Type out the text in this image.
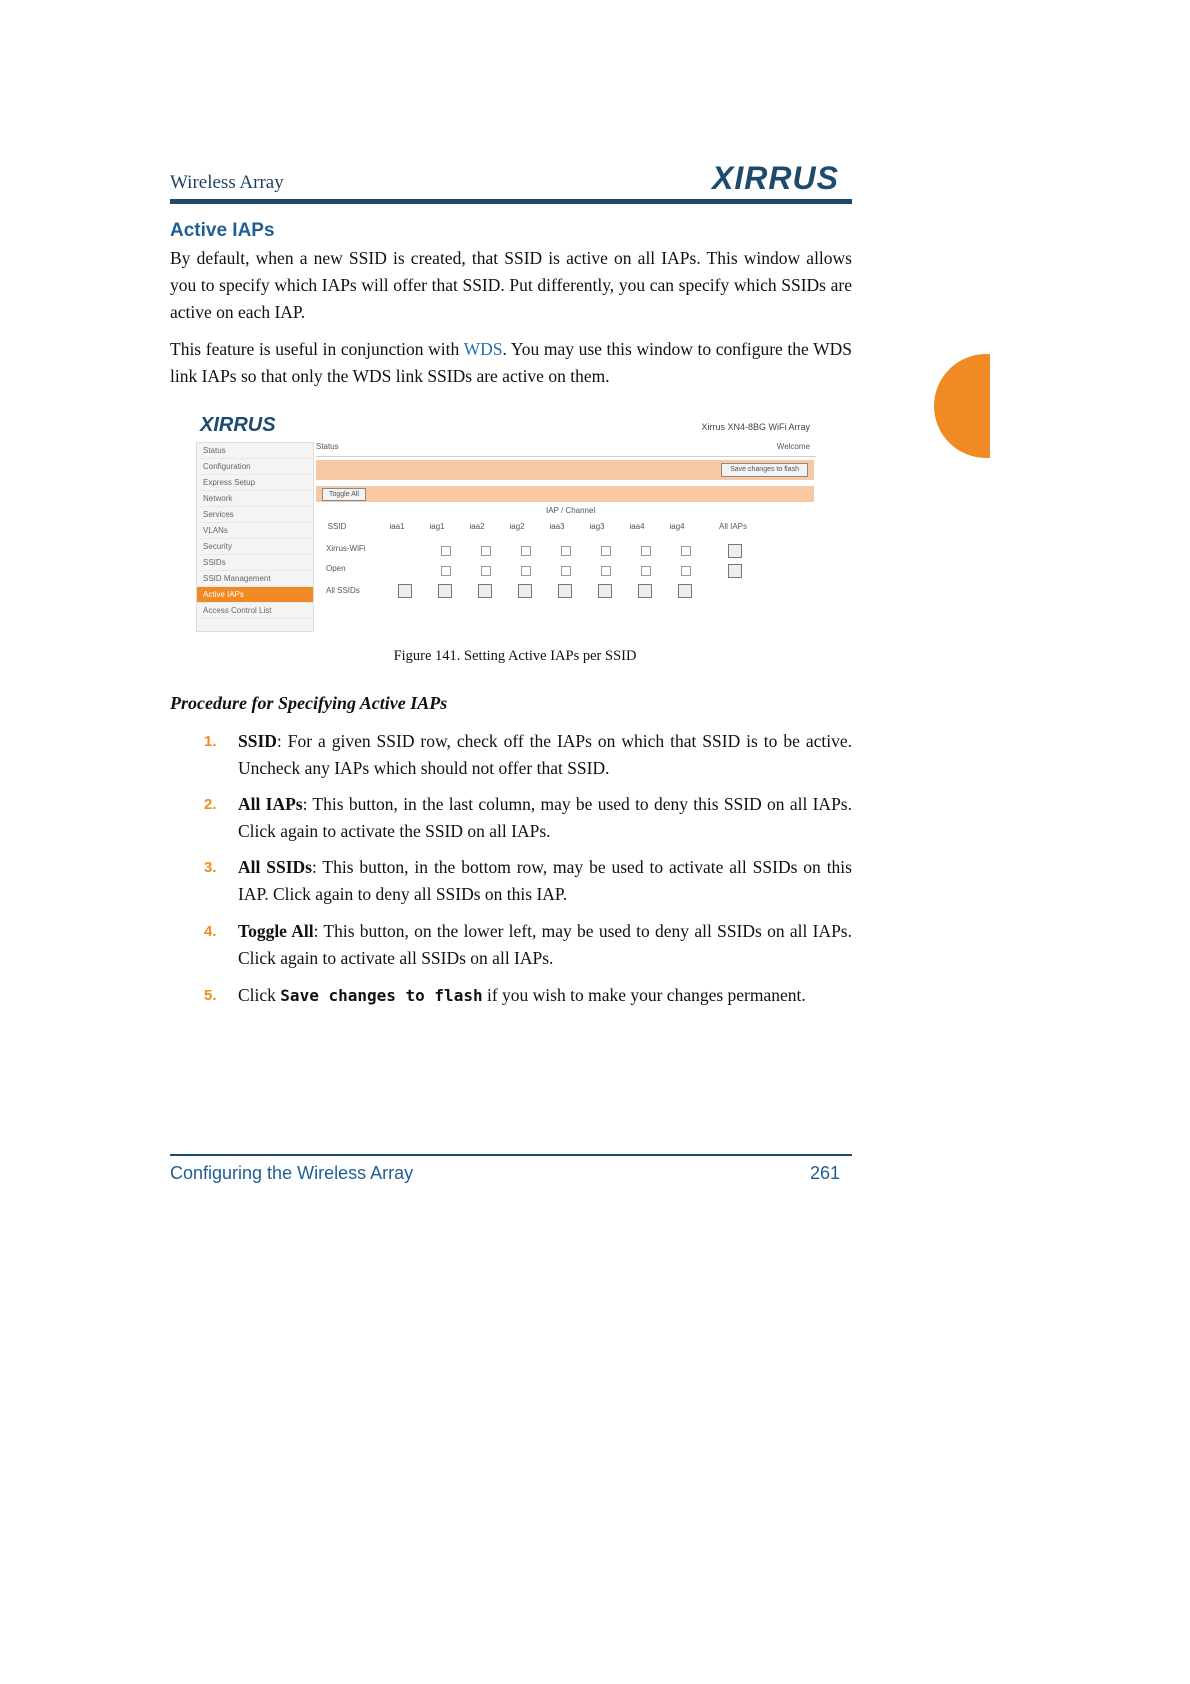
Wireless Array	XIRRUS
Active IAPs
By default, when a new SSID is created, that SSID is active on all IAPs. This window allows you to specify which IAPs will offer that SSID. Put differently, you can specify which SSIDs are active on each IAP.
This feature is useful in conjunction with WDS. You may use this window to configure the WDS link IAPs so that only the WDS link SSIDs are active on them.
XIRRUS	Xirrus XN4-8BG WiFi Array
Status
Configuration
Express Setup
Network
Services
VLANs
Security
SSIDs
SSID Management
Active IAPs
Access Control List
Status	Welcome
Save changes to flash
Toggle All
IAP / Channel
SSID	iaa1	iag1	iaa2	iag2	iaa3	iag3	iaa4	iag4	All IAPs
Xirrus-WiFi
Open
All SSIDs
Figure 141. Setting Active IAPs per SSID
Procedure for Specifying Active IAPs
1. SSID: For a given SSID row, check off the IAPs on which that SSID is to be active. Uncheck any IAPs which should not offer that SSID.
2. All IAPs: This button, in the last column, may be used to deny this SSID on all IAPs. Click again to activate the SSID on all IAPs.
3. All SSIDs: This button, in the bottom row, may be used to activate all SSIDs on this IAP. Click again to deny all SSIDs on this IAP.
4. Toggle All: This button, on the lower left, may be used to deny all SSIDs on all IAPs. Click again to activate all SSIDs on all IAPs.
5. Click Save changes to flash if you wish to make your changes permanent.
Configuring the Wireless Array	261
